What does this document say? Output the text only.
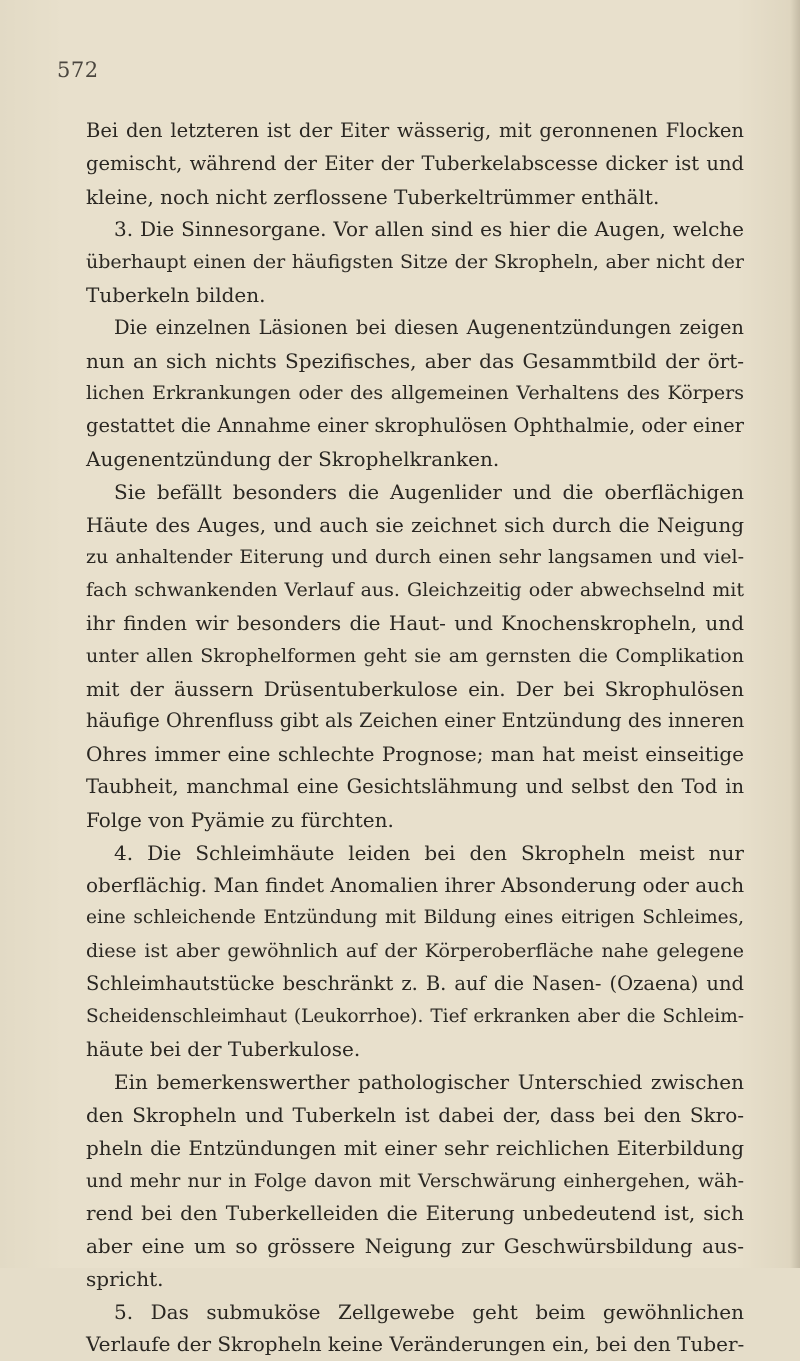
572
Bei den letzteren ist der Eiter wässerig, mit geronnenen Flocken
gemischt, während der Eiter der Tuberkelabscesse dicker ist und
kleine, noch nicht zerflossene Tuberkeltrümmer enthält.
3. Die Sinnesorgane. Vor allen sind es hier die Augen, welche
überhaupt einen der häufigsten Sitze der Skropheln, aber nicht der
Tuberkeln bilden.
Die einzelnen Läsionen bei diesen Augenentzündungen zeigen
nun an sich nichts Spezifisches, aber das Gesammtbild der ört-
lichen Erkrankungen oder des allgemeinen Verhaltens des Körpers
gestattet die Annahme einer skrophulösen Ophthalmie, oder einer
Augenentzündung der Skrophelkranken.
Sie befällt besonders die Augenlider und die oberflächigen
Häute des Auges, und auch sie zeichnet sich durch die Neigung
zu anhaltender Eiterung und durch einen sehr langsamen und viel-
fach schwankenden Verlauf aus. Gleichzeitig oder abwechselnd mit
ihr finden wir besonders die Haut- und Knochenskropheln, und
unter allen Skrophelformen geht sie am gernsten die Complikation
mit der äussern Drüsentuberkulose ein. Der bei Skrophulösen
häufige Ohrenfluss gibt als Zeichen einer Entzündung des inneren
Ohres immer eine schlechte Prognose; man hat meist einseitige
Taubheit, manchmal eine Gesichtslähmung und selbst den Tod in
Folge von Pyämie zu fürchten.
4. Die Schleimhäute leiden bei den Skropheln meist nur
oberflächig. Man findet Anomalien ihrer Absonderung oder auch
eine schleichende Entzündung mit Bildung eines eitrigen Schleimes,
diese ist aber gewöhnlich auf der Körperoberfläche nahe gelegene
Schleimhautstücke beschränkt z. B. auf die Nasen- (Ozaena) und
Scheidenschleimhaut (Leukorrhoe). Tief erkranken aber die Schleim-
häute bei der Tuberkulose.
Ein bemerkenswerther pathologischer Unterschied zwischen
den Skropheln und Tuberkeln ist dabei der, dass bei den Skro-
pheln die Entzündungen mit einer sehr reichlichen Eiterbildung
und mehr nur in Folge davon mit Verschwärung einhergehen, wäh-
rend bei den Tuberkelleiden die Eiterung unbedeutend ist, sich
aber eine um so grössere Neigung zur Geschwürsbildung aus-
spricht.
5. Das submuköse Zellgewebe geht beim gewöhnlichen
Verlaufe der Skropheln keine Veränderungen ein, bei den Tuber-
